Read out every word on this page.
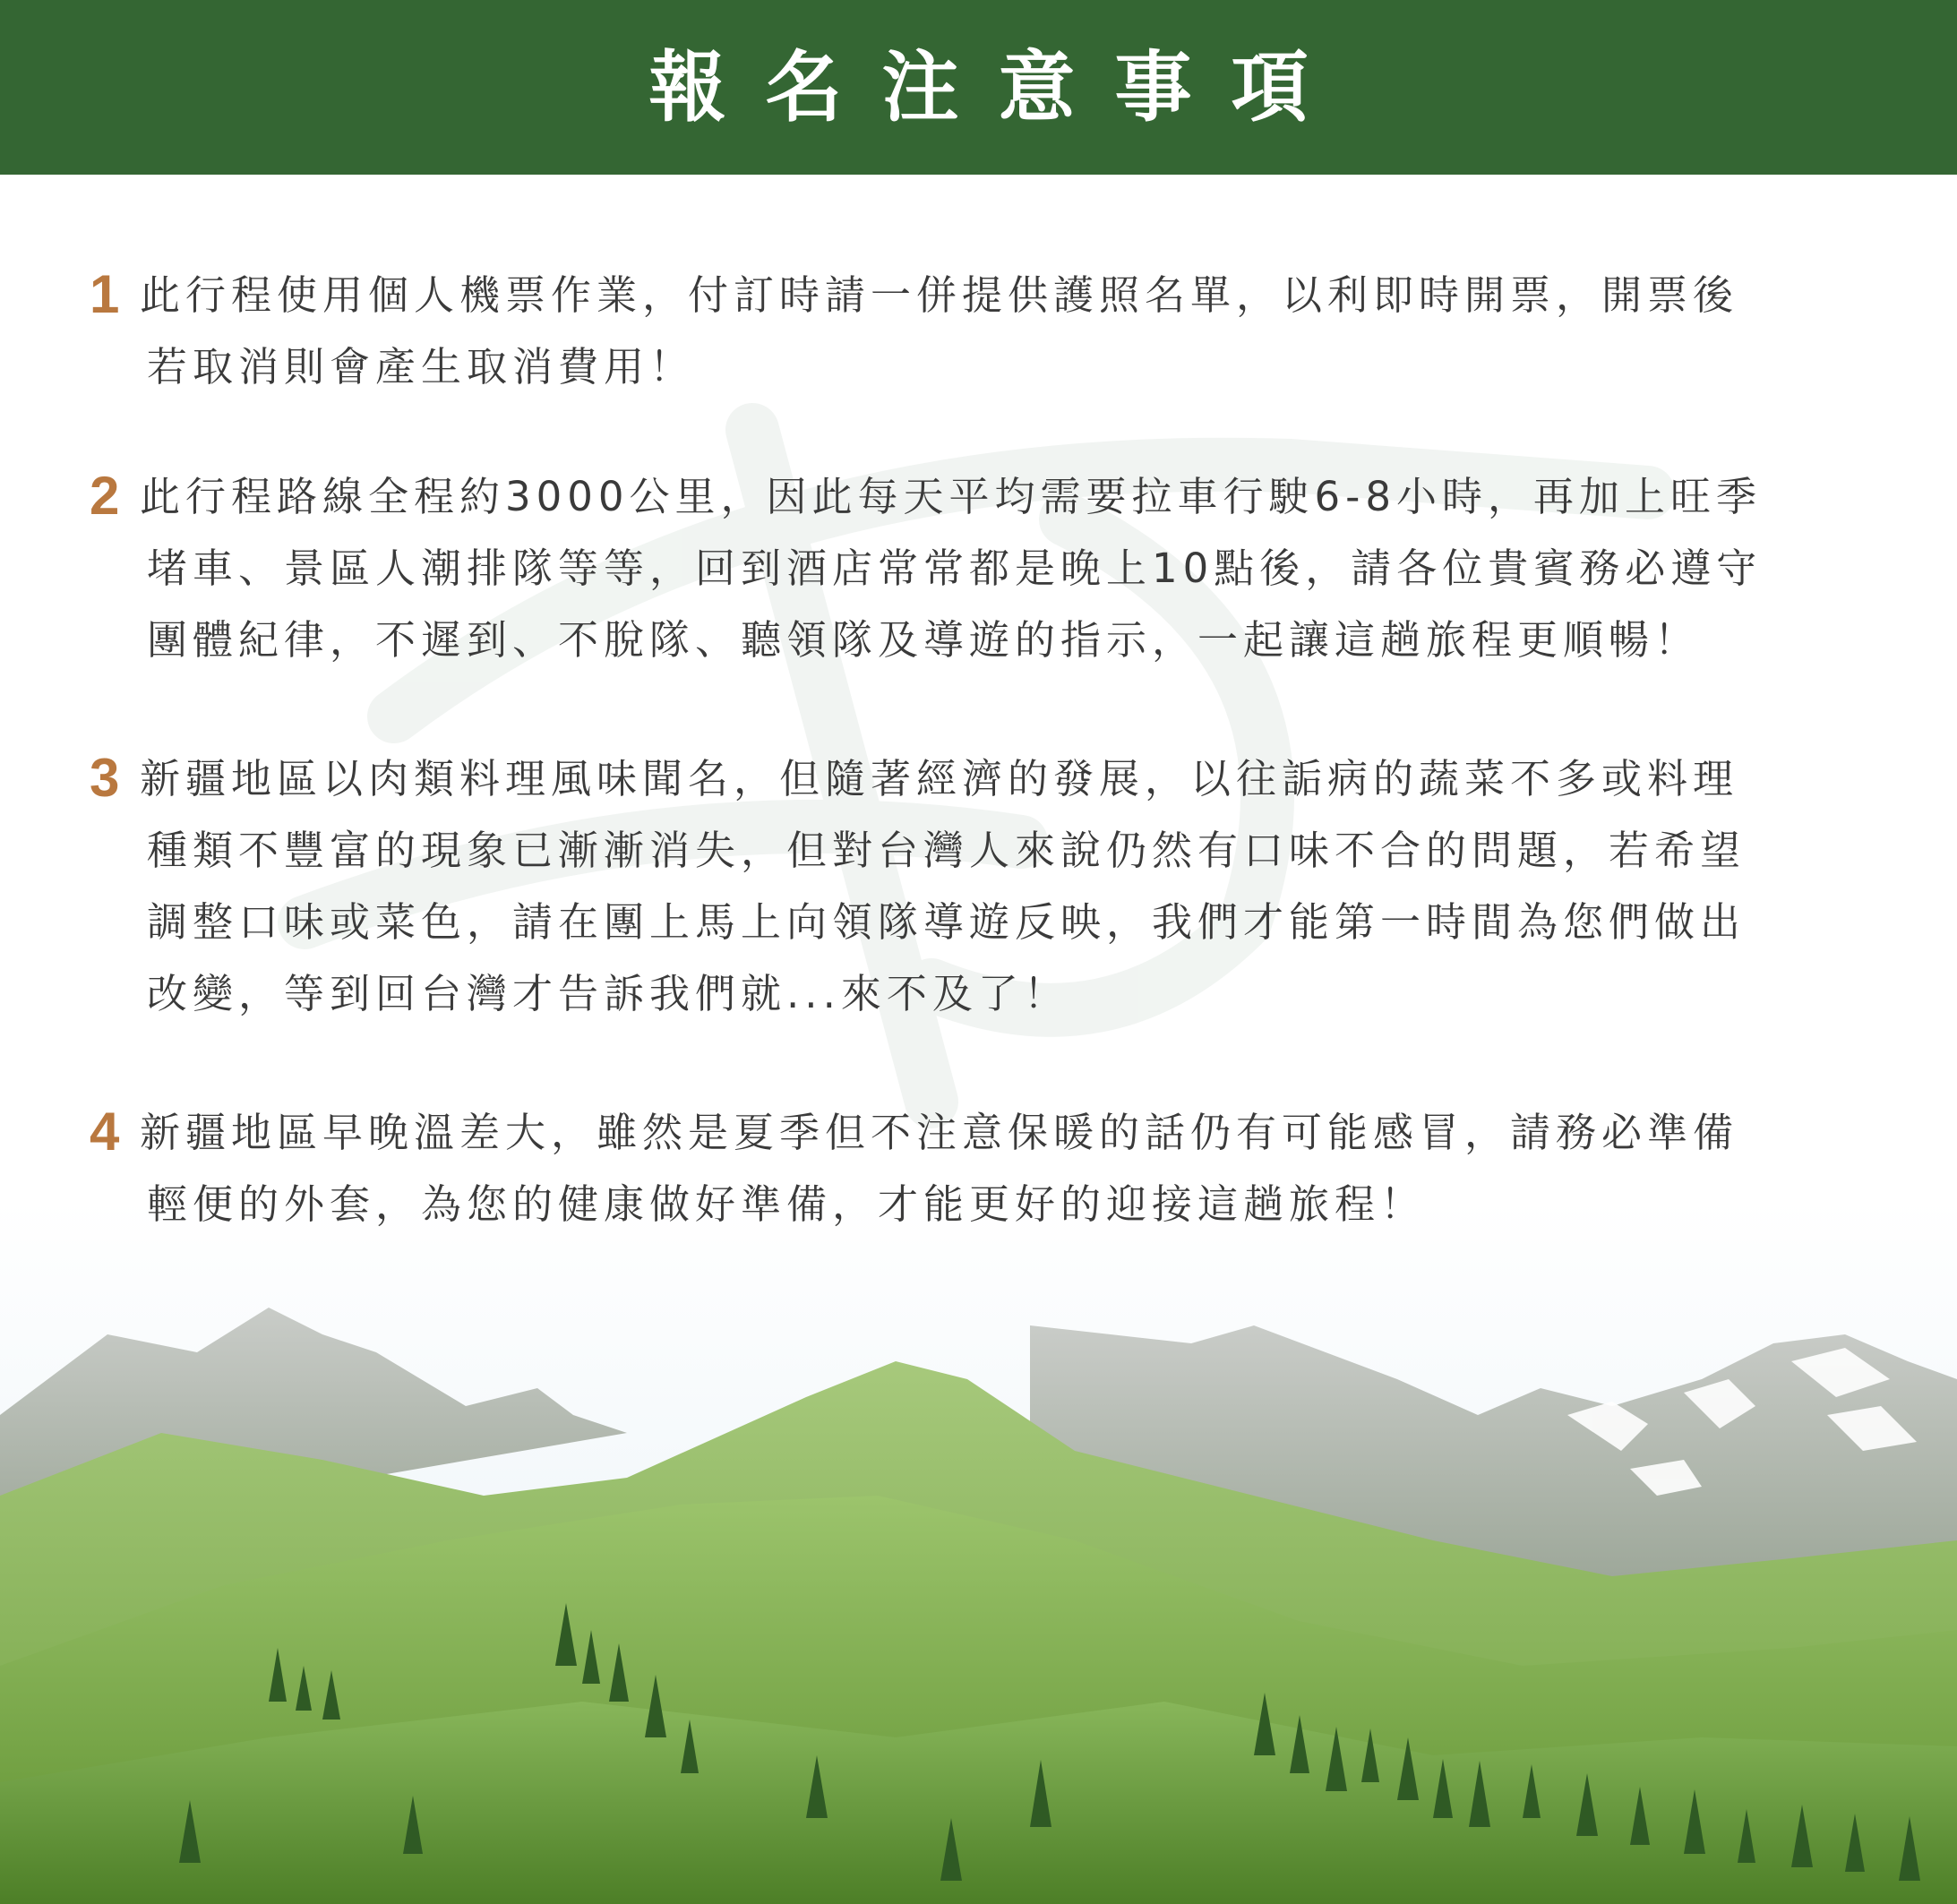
報名注意事項
1 此行程使用個人機票作業，付訂時請一併提供護照名單，以利即時開票，開票後
若取消則會產生取消費用！
2 此行程路線全程約3000公里，因此每天平均需要拉車行駛6-8小時，再加上旺季
堵車、景區人潮排隊等等，回到酒店常常都是晚上10點後，請各位貴賓務必遵守
團體紀律，不遲到、不脫隊、聽領隊及導遊的指示，一起讓這趟旅程更順暢！
3 新疆地區以肉類料理風味聞名，但隨著經濟的發展，以往詬病的蔬菜不多或料理
種類不豐富的現象已漸漸消失，但對台灣人來說仍然有口味不合的問題，若希望
調整口味或菜色，請在團上馬上向領隊導遊反映，我們才能第一時間為您們做出
改變，等到回台灣才告訴我們就...來不及了！
4 新疆地區早晚溫差大，雖然是夏季但不注意保暖的話仍有可能感冒，請務必準備
輕便的外套，為您的健康做好準備，才能更好的迎接這趟旅程！
